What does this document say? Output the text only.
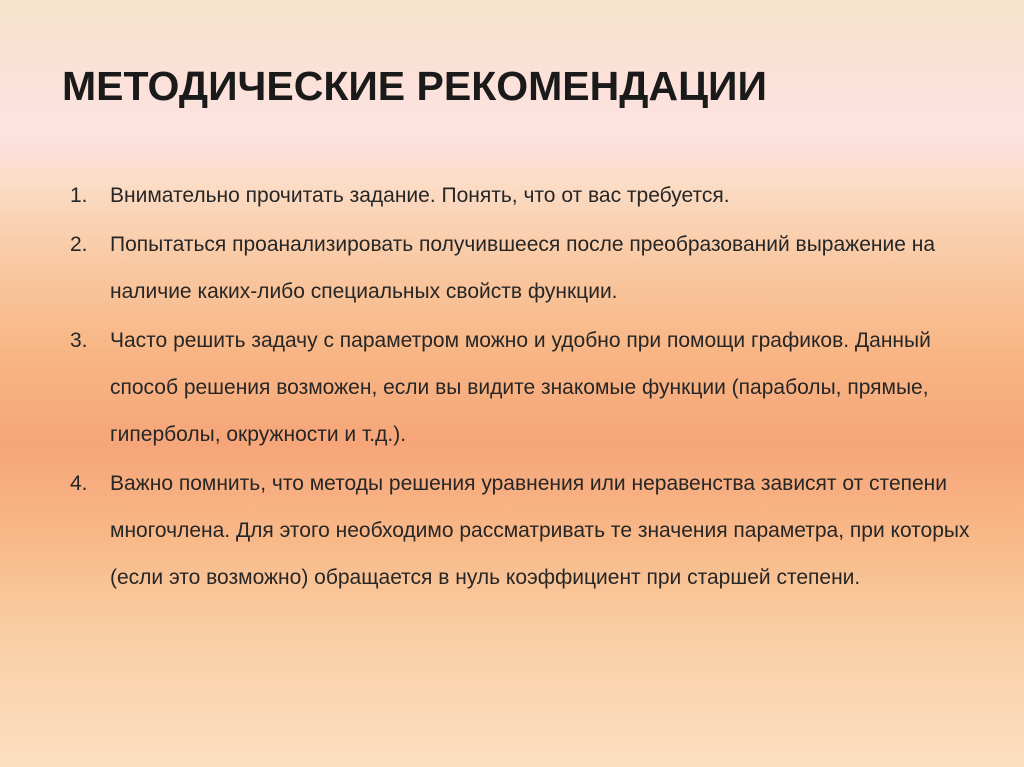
МЕТОДИЧЕСКИЕ РЕКОМЕНДАЦИИ
1. Внимательно прочитать задание. Понять, что от вас требуется.
2. Попытаться проанализировать получившееся после преобразований выражение на наличие каких-либо специальных свойств функции.
3. Часто решить задачу с параметром можно и удобно при помощи графиков. Данный способ решения возможен, если вы видите знакомые функции (параболы, прямые, гиперболы, окружности и т.д.).
4. Важно помнить, что методы решения уравнения или неравенства зависят от степени многочлена. Для этого необходимо рассматривать те значения параметра, при которых (если это возможно) обращается в нуль коэффициент при старшей степени.
